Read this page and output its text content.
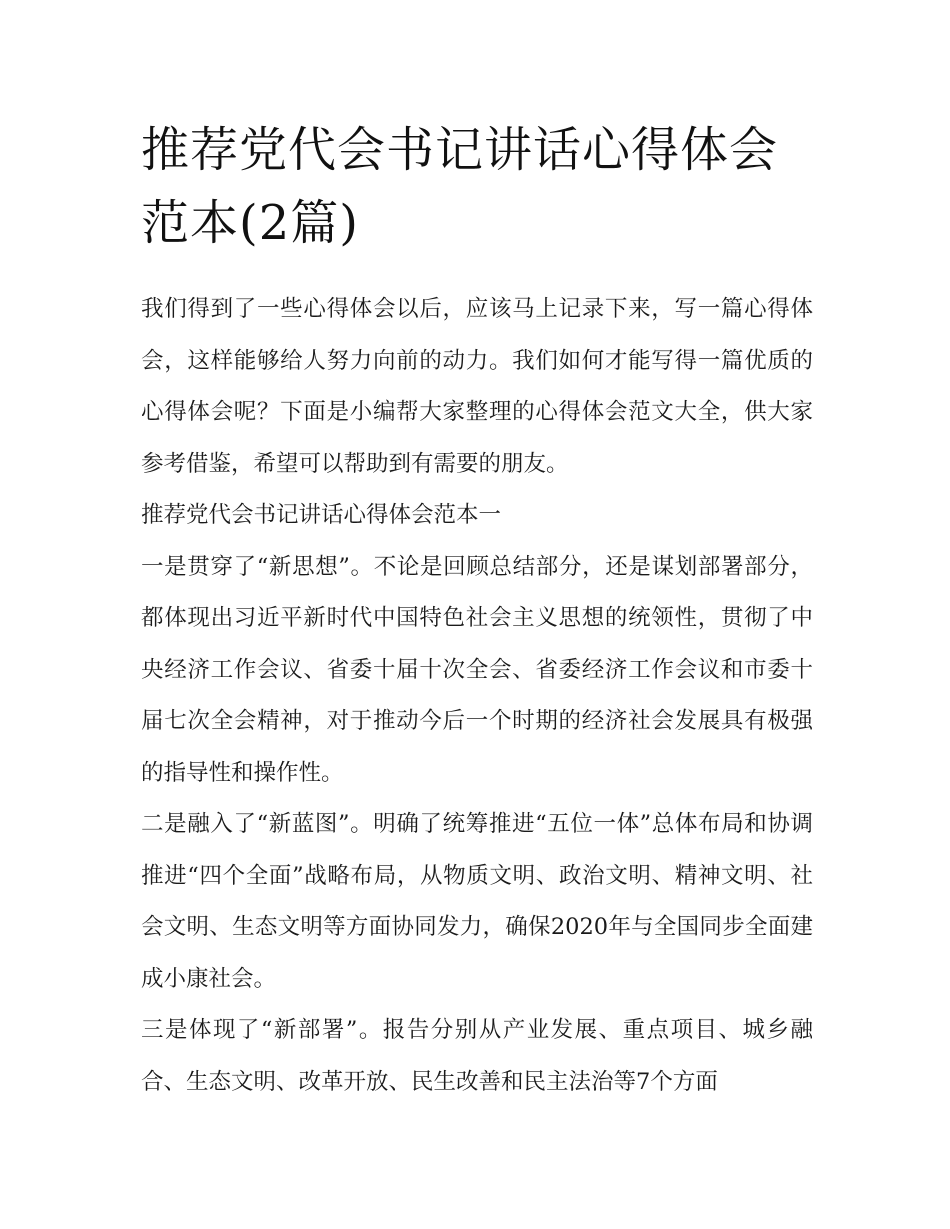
推荐党代会书记讲话心得体会范本(2篇)

我们得到了一些心得体会以后，应该马上记录下来，写一篇心得体会，这样能够给人努力向前的动力。我们如何才能写得一篇优质的心得体会呢？下面是小编帮大家整理的心得体会范文大全，供大家参考借鉴，希望可以帮助到有需要的朋友。

推荐党代会书记讲话心得体会范本一

一是贯穿了“新思想”。不论是回顾总结部分，还是谋划部署部分，都体现出习近平新时代中国特色社会主义思想的统领性，贯彻了中央经济工作会议、省委十届十次全会、省委经济工作会议和市委十届七次全会精神，对于推动今后一个时期的经济社会发展具有极强的指导性和操作性。

二是融入了“新蓝图”。明确了统筹推进“五位一体”总体布局和协调推进“四个全面”战略布局，从物质文明、政治文明、精神文明、社会文明、生态文明等方面协同发力，确保2020年与全国同步全面建成小康社会。

三是体现了“新部署”。报告分别从产业发展、重点项目、城乡融合、生态文明、改革开放、民生改善和民主法治等7个方面
